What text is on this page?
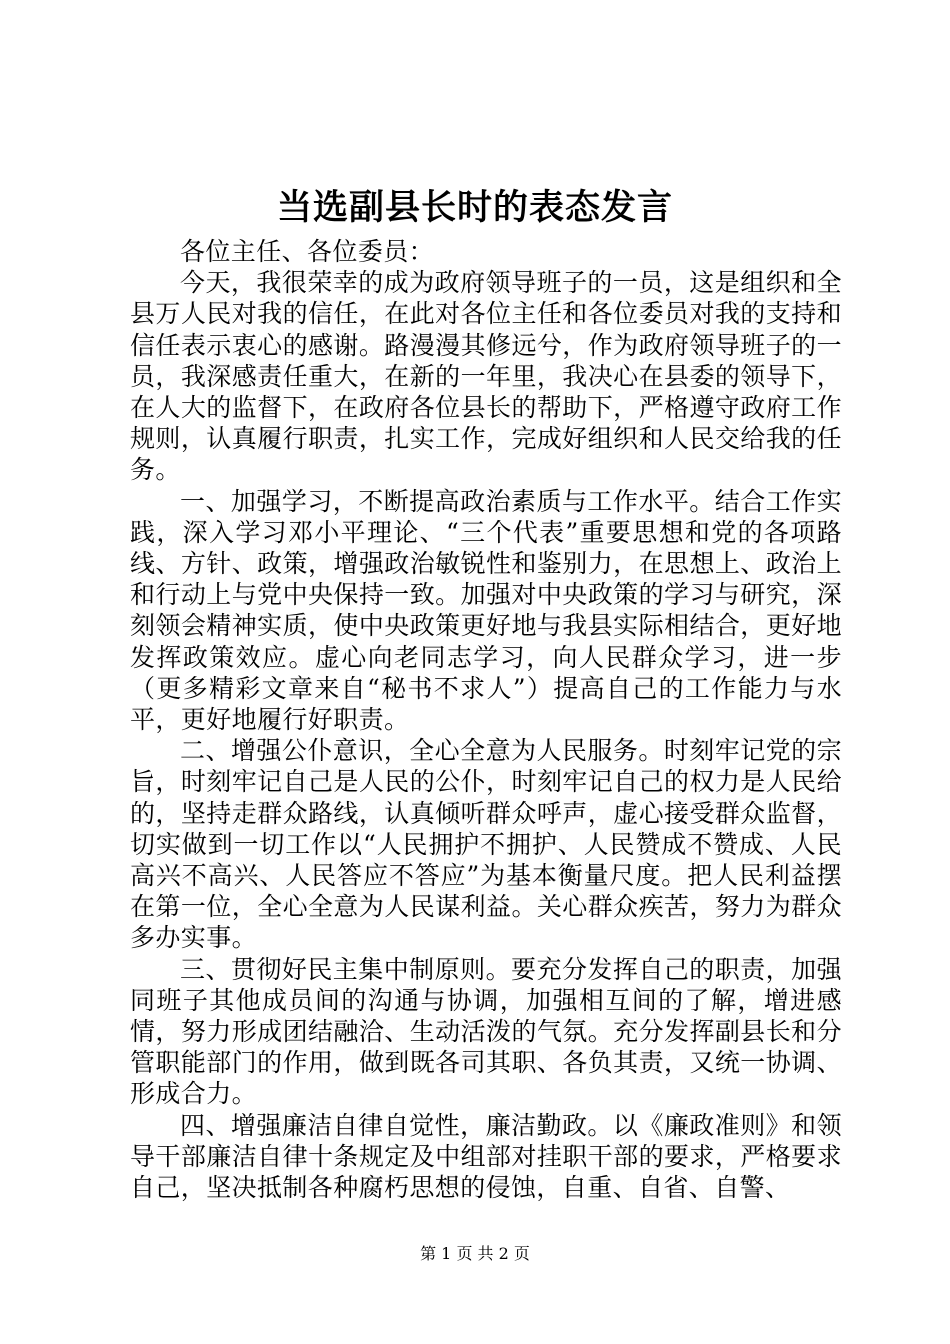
当选副县长时的表态发言

各位主任、各位委员：

今天，我很荣幸的成为政府领导班子的一员，这是组织和全县万人民对我的信任，在此对各位主任和各位委员对我的支持和信任表示衷心的感谢。路漫漫其修远兮，作为政府领导班子的一员，我深感责任重大，在新的一年里，我决心在县委的领导下，在人大的监督下，在政府各位县长的帮助下，严格遵守政府工作规则，认真履行职责，扎实工作，完成好组织和人民交给我的任务。

一、加强学习，不断提高政治素质与工作水平。结合工作实践，深入学习邓小平理论、“三个代表”重要思想和党的各项路线、方针、政策，增强政治敏锐性和鉴别力，在思想上、政治上和行动上与党中央保持一致。加强对中央政策的学习与研究，深刻领会精神实质，使中央政策更好地与我县实际相结合，更好地发挥政策效应。虚心向老同志学习，向人民群众学习，进一步（更多精彩文章来自“秘书不求人”）提高自己的工作能力与水平，更好地履行好职责。

二、增强公仆意识，全心全意为人民服务。时刻牢记党的宗旨，时刻牢记自己是人民的公仆，时刻牢记自己的权力是人民给的，坚持走群众路线，认真倾听群众呼声，虚心接受群众监督，切实做到一切工作以“人民拥护不拥护、人民赞成不赞成、人民高兴不高兴、人民答应不答应”为基本衡量尺度。把人民利益摆在第一位，全心全意为人民谋利益。关心群众疾苦，努力为群众多办实事。

三、贯彻好民主集中制原则。要充分发挥自己的职责，加强同班子其他成员间的沟通与协调，加强相互间的了解，增进感情，努力形成团结融洽、生动活泼的气氛。充分发挥副县长和分管职能部门的作用，做到既各司其职、各负其责，又统一协调、形成合力。

四、增强廉洁自律自觉性，廉洁勤政。以《廉政准则》和领导干部廉洁自律十条规定及中组部对挂职干部的要求，严格要求自己，坚决抵制各种腐朽思想的侵蚀，自重、自省、自警、

第 1 页 共 2 页
